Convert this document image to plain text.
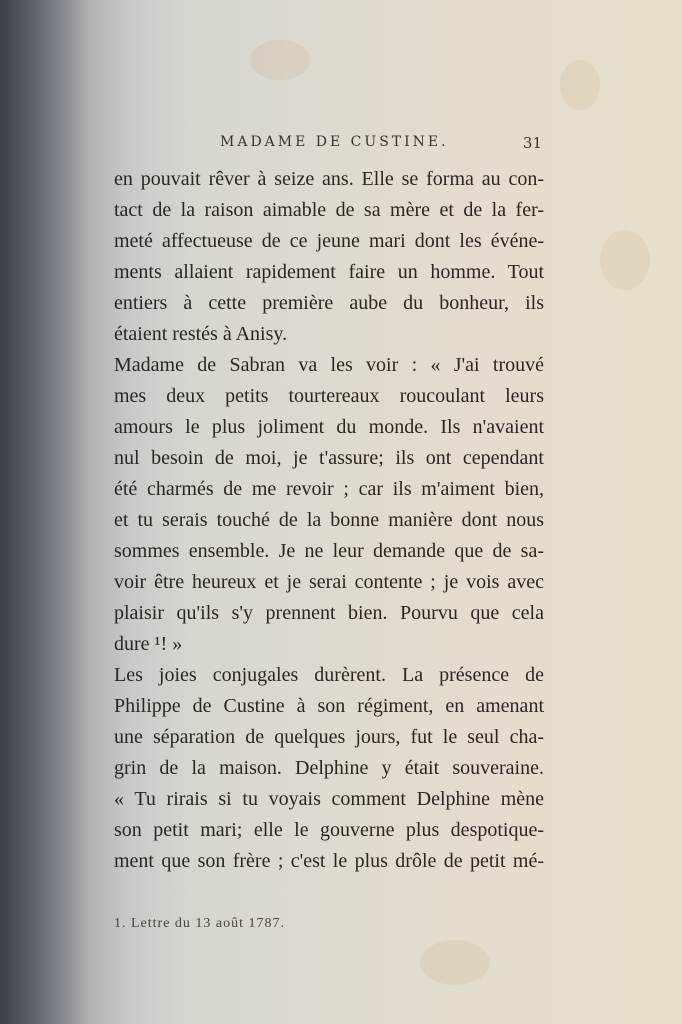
MADAME DE CUSTINE.	31
en pouvait rêver à seize ans. Elle se forma au con-
tact de la raison aimable de sa mère et de la fer-
meté affectueuse de ce jeune mari dont les événe-
ments allaient rapidement faire un homme. Tout
entiers à cette première aube du bonheur, ils
étaient restés à Anisy.
Madame de Sabran va les voir : « J'ai trouvé
mes deux petits tourtereaux roucoulant leurs
amours le plus joliment du monde. Ils n'avaient
nul besoin de moi, je t'assure; ils ont cependant
été charmés de me revoir ; car ils m'aiment bien,
et tu serais touché de la bonne manière dont nous
sommes ensemble. Je ne leur demande que de sa-
voir être heureux et je serai contente ; je vois avec
plaisir qu'ils s'y prennent bien. Pourvu que cela
dure ¹! »
Les joies conjugales durèrent. La présence de
Philippe de Custine à son régiment, en amenant
une séparation de quelques jours, fut le seul cha-
grin de la maison. Delphine y était souveraine.
« Tu rirais si tu voyais comment Delphine mène
son petit mari; elle le gouverne plus despotique-
ment que son frère ; c'est le plus drôle de petit mé-
1. Lettre du 13 août 1787.
